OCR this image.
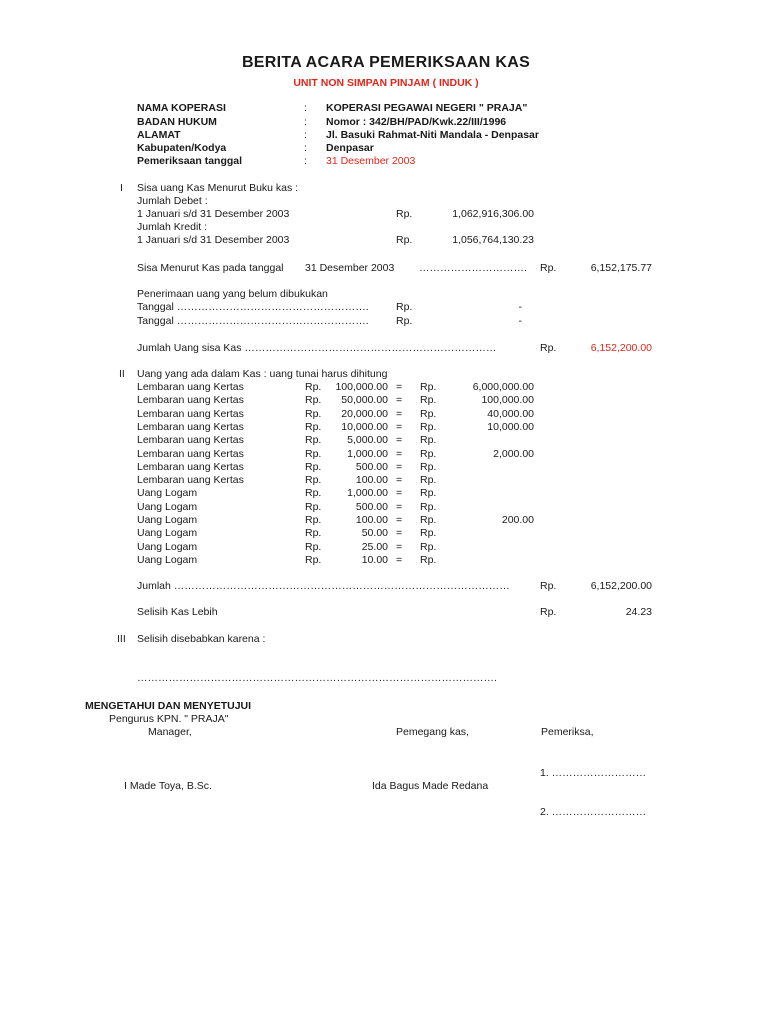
BERITA ACARA PEMERIKSAAN KAS
UNIT NON SIMPAN PINJAM ( INDUK )
NAMA KOPERASI	: KOPERASI PEGAWAI NEGERI " PRAJA"
BADAN HUKUM	: Nomor : 342/BH/PAD/Kwk.22/III/1996
ALAMAT	: Jl. Basuki Rahmat-Niti Mandala - Denpasar
Kabupaten/Kodya	: Denpasar
Pemeriksaan tanggal	: 31 Desember 2003
I Sisa uang Kas Menurut Buku kas :
Jumlah Debet :
1 Januari s/d 31 Desember 2003	Rp.	1,062,916,306.00
Jumlah Kredit :
1 Januari s/d 31 Desember 2003	Rp.	1,056,764,130.23
Sisa Menurut Kas pada tanggal 31 Desember 2003 …………………………. Rp.	6,152,175.77
Penerimaan uang yang belum dibukukan
Tanggal ……………………………………………….	Rp.	-
Tanggal ……………………………………………….	Rp.	-
Jumlah Uang sisa Kas ………………………………………………………………	Rp.	6,152,200.00
II Uang yang ada dalam Kas : uang tunai harus dihitung
Lembaran uang Kertas	Rp.	100,000.00 = Rp.	6,000,000.00
Lembaran uang Kertas	Rp.	50,000.00 = Rp.	100,000.00
Lembaran uang Kertas	Rp.	20,000.00 = Rp.	40,000.00
Lembaran uang Kertas	Rp.	10,000.00 = Rp.	10,000.00
Lembaran uang Kertas	Rp.	5,000.00 = Rp.
Lembaran uang Kertas	Rp.	1,000.00 = Rp.	2,000.00
Lembaran uang Kertas	Rp.	500.00 = Rp.
Lembaran uang Kertas	Rp.	100.00 = Rp.
Uang Logam	Rp.	1,000.00 = Rp.
Uang Logam	Rp.	500.00 = Rp.
Uang Logam	Rp.	100.00 = Rp.	200.00
Uang Logam	Rp.	50.00 = Rp.
Uang Logam	Rp.	25.00 = Rp.
Uang Logam	Rp.	10.00 = Rp.
Jumlah ……………………………………………………………………………………	Rp.	6,152,200.00
Selisih Kas Lebih	Rp.	24.23
III Selisih disebabkan karena :
………………………………………………………………………………………….
MENGETAHUI DAN MENYETUJUI
Pengurus KPN. " PRAJA"
Manager,	Pemegang kas,	Pemeriksa,
1. ………………………
I Made Toya, B.Sc.	Ida Bagus Made Redana
2. ………………………
